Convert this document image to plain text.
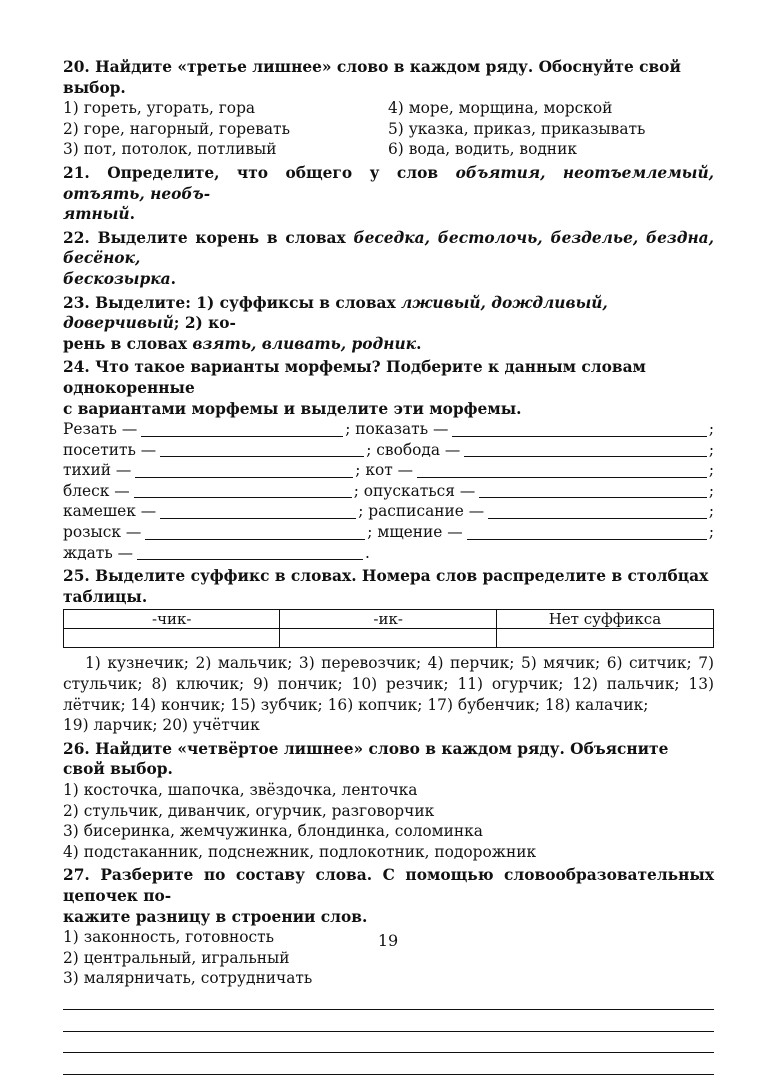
20. Найдите «третье лишнее» слово в каждом ряду. Обоснуйте свой выбор.
1) гореть, угорать, гора	4) море, морщина, морской
2) горе, нагорный, горевать	5) указка, приказ, приказывать
3) пот, потолок, потливый	6) вода, водить, водник
21. Определите, что общего у слов объятия, неотъемлемый, отъять, необъ-
ятный.
22. Выделите корень в словах беседка, бестолочь, безделье, бездна, бесёнок,
бескозырка.
23. Выделите: 1) суффиксы в словах лживый, дождливый, доверчивый; 2) ко-
рень в словах взять, вливать, родник.
24. Что такое варианты морфемы? Подберите к данным словам однокоренные
с вариантами морфемы и выделите эти морфемы.
Резать —	; показать —	;
посетить —	; свобода —	;
тихий —	; кот —	;
блеск —	; опускаться —	;
камешек —	; расписание —	;
розыск —	; мщение —	;
ждать —	.
25. Выделите суффикс в словах. Номера слов распределите в столбцах таблицы.
-чик-	-ик-	Нет суффикса

1) кузнечик; 2) мальчик; 3) перевозчик; 4) перчик; 5) мячик; 6) ситчик; 7) стульчик; 8) ключик; 9) пончик; 10) резчик; 11) огурчик; 12) пальчик; 13) лётчик; 14) кончик; 15) зубчик; 16) копчик; 17) бубенчик; 18) калачик;
19) ларчик; 20) учётчик
26. Найдите «четвёртое лишнее» слово в каждом ряду. Объясните свой выбор.
1) косточка, шапочка, звёздочка, ленточка
2) стульчик, диванчик, огурчик, разговорчик
3) бисеринка, жемчужинка, блондинка, соломинка
4) подстаканник, подснежник, подлокотник, подорожник
27. Разберите по составу слова. С помощью словообразовательных цепочек по-
кажите разницу в строении слов.
1) законность, готовность
2) центральный, игральный
3) малярничать, сотрудничать
19
